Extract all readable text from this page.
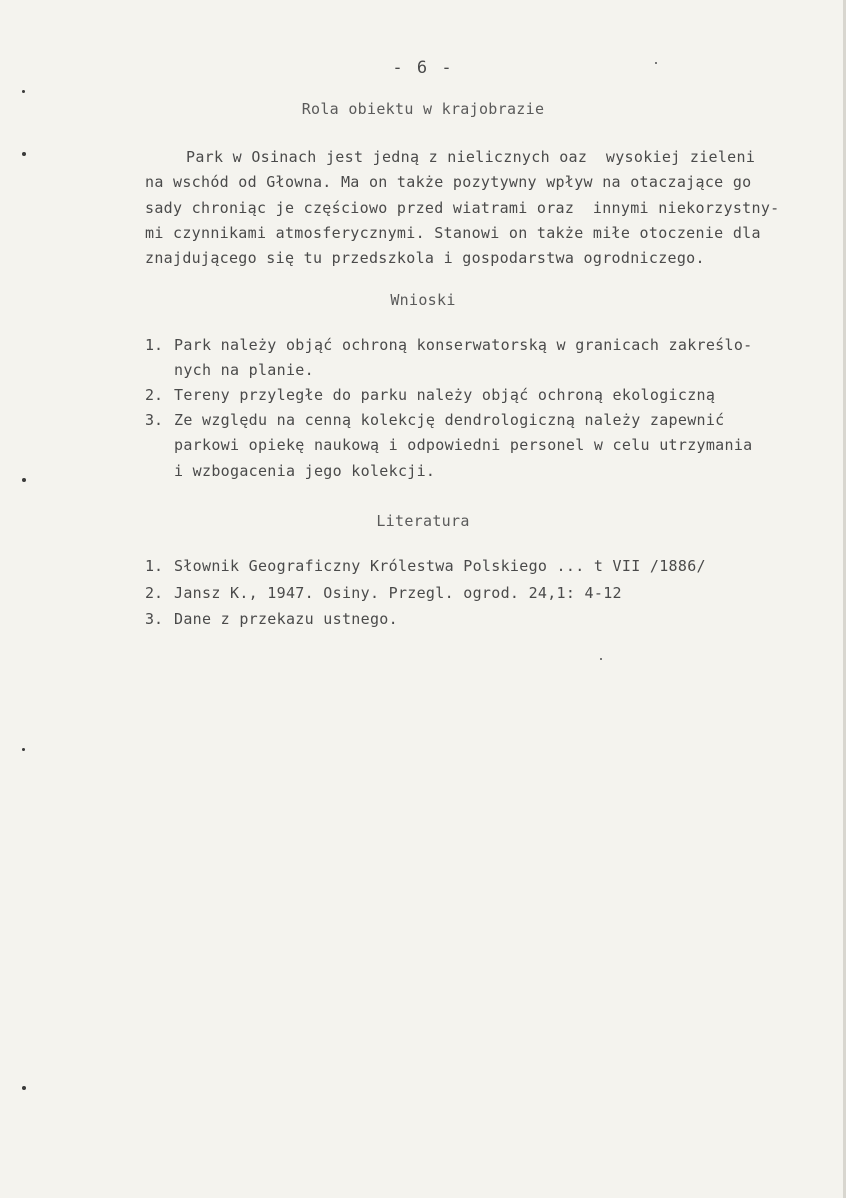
- 6 -
Rola obiektu w krajobrazie
Park w Osinach jest jedną z nielicznych oaz  wysokiej zieleni
na wschód od Głowna. Ma on także pozytywny wpływ na otaczające go
sady chroniąc je częściowo przed wiatrami oraz  innymi niekorzystny-
mi czynnikami atmosferycznymi. Stanowi on także miłe otoczenie dla
znajdującego się tu przedszkola i gospodarstwa ogrodniczego.
Wnioski
1. Park należy objąć ochroną konserwatorską w granicach zakreślo-
nych na planie.
2. Tereny przyległe do parku należy objąć ochroną ekologiczną
3. Ze względu na cenną kolekcję dendrologiczną należy zapewnić
parkowi opiekę naukową i odpowiedni personel w celu utrzymania
i wzbogacenia jego kolekcji.
Literatura
1. Słownik Geograficzny Królestwa Polskiego ... t VII /1886/
2. Jansz K., 1947. Osiny. Przegl. ogrod. 24,1: 4-12
3. Dane z przekazu ustnego.
